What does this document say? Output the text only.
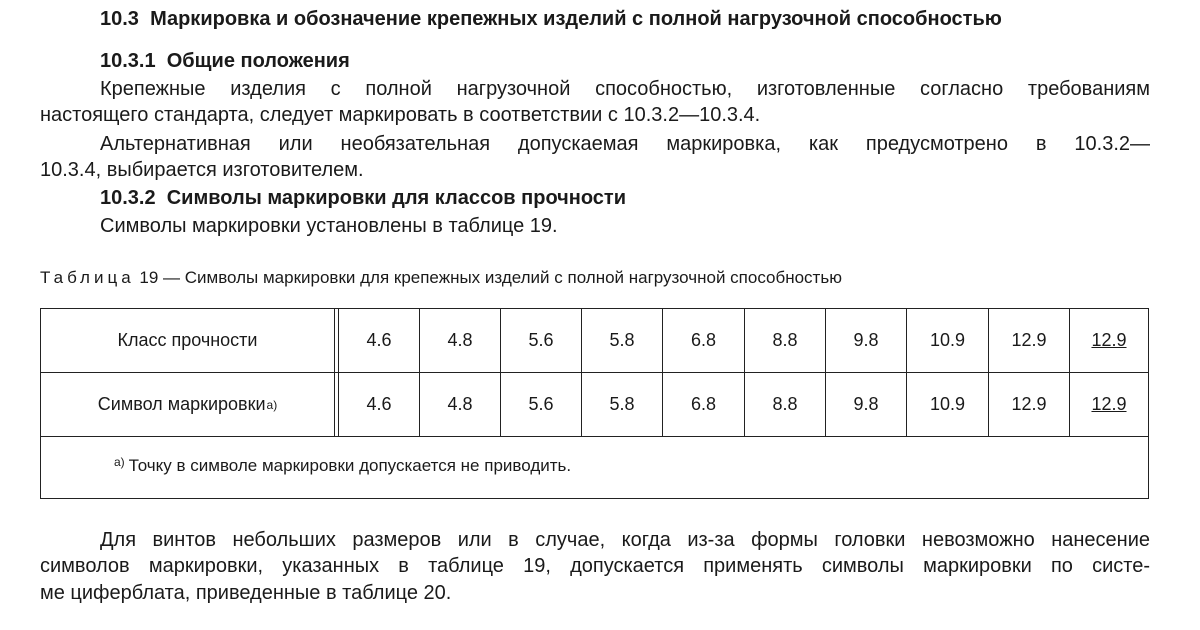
10.3 Маркировка и обозначение крепежных изделий с полной нагрузочной способностью
10.3.1 Общие положения
Крепежные изделия с полной нагрузочной способностью, изготовленные согласно требованиям
настоящего стандарта, следует маркировать в соответствии с 10.3.2—10.3.4.
Альтернативная или необязательная допускаемая маркировка, как предусмотрено в 10.3.2—
10.3.4, выбирается изготовителем.
10.3.2 Символы маркировки для классов прочности
Символы маркировки установлены в таблице 19.
Таблица 19 — Символы маркировки для крепежных изделий с полной нагрузочной способностью
Класс прочности	4.6	4.8	5.6	5.8	6.8	8.8	9.8	10.9	12.9 12.9
Символ маркировки a)	4.6	4.8	5.6	5.8	6.8	8.8	9.8	10.9	12.9 12.9
$^{a)}$ Точку в символе маркировки допускается не приводить.
Для винтов небольших размеров или в случае, когда из-за формы головки невозможно нанесение
символов маркировки, указанных в таблице 19, допускается применять символы маркировки по систе-
ме циферблата, приведенные в таблице 20.
